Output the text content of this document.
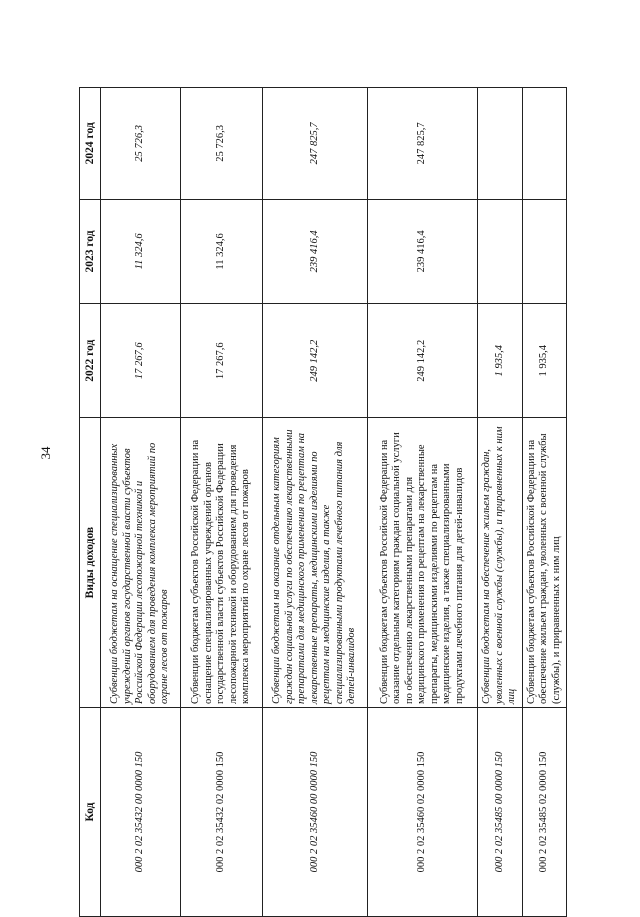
34
Код	Виды доходов	2022 год	2023 год	2024 год
000 2 02 35432 00 0000 150	Субвенции бюджетам на оснащение специализированных учреждений органов государственной власти субъектов Российской Федерации лесопожарной техникой и оборудованием для проведения комплекса мероприятий по охране лесов от пожаров	17 267,6	11 324,6	25 726,3
000 2 02 35432 02 0000 150	Субвенции бюджетам субъектов Российской Федерации на оснащение специализированных учреждений органов государственной власти субъектов Российской Федерации лесопожарной техникой и оборудованием для проведения комплекса мероприятий по охране лесов от пожаров	17 267,6	11 324,6	25 726,3
000 2 02 35460 00 0000 150	Субвенции бюджетам на оказание отдельным категориям граждан социальной услуги по обеспечению лекарственными препаратами для медицинского применения по рецептам на лекарственные препараты, медицинскими изделиями по рецептам на медицинские изделия, а также специализированными продуктами лечебного питания для детей-инвалидов	249 142,2	239 416,4	247 825,7
000 2 02 35460 02 0000 150	Субвенции бюджетам субъектов Российской Федерации на оказание отдельным категориям граждан социальной услуги по обеспечению лекарственными препаратами для медицинского применения по рецептам на лекарственные препараты, медицинскими изделиями по рецептам на медицинские изделия, а также специализированными продуктами лечебного питания для детей-инвалидов	249 142,2	239 416,4	247 825,7
000 2 02 35485 00 0000 150	Субвенции бюджетам на обеспечение жильем граждан, уволенных с военной службы (службы), и приравненных к ним лиц	1 935,4		
000 2 02 35485 02 0000 150	Субвенции бюджетам субъектов Российской Федерации на обеспечение жильем граждан, уволенных с военной службы (службы), и приравненных к ним лиц	1 935,4		
